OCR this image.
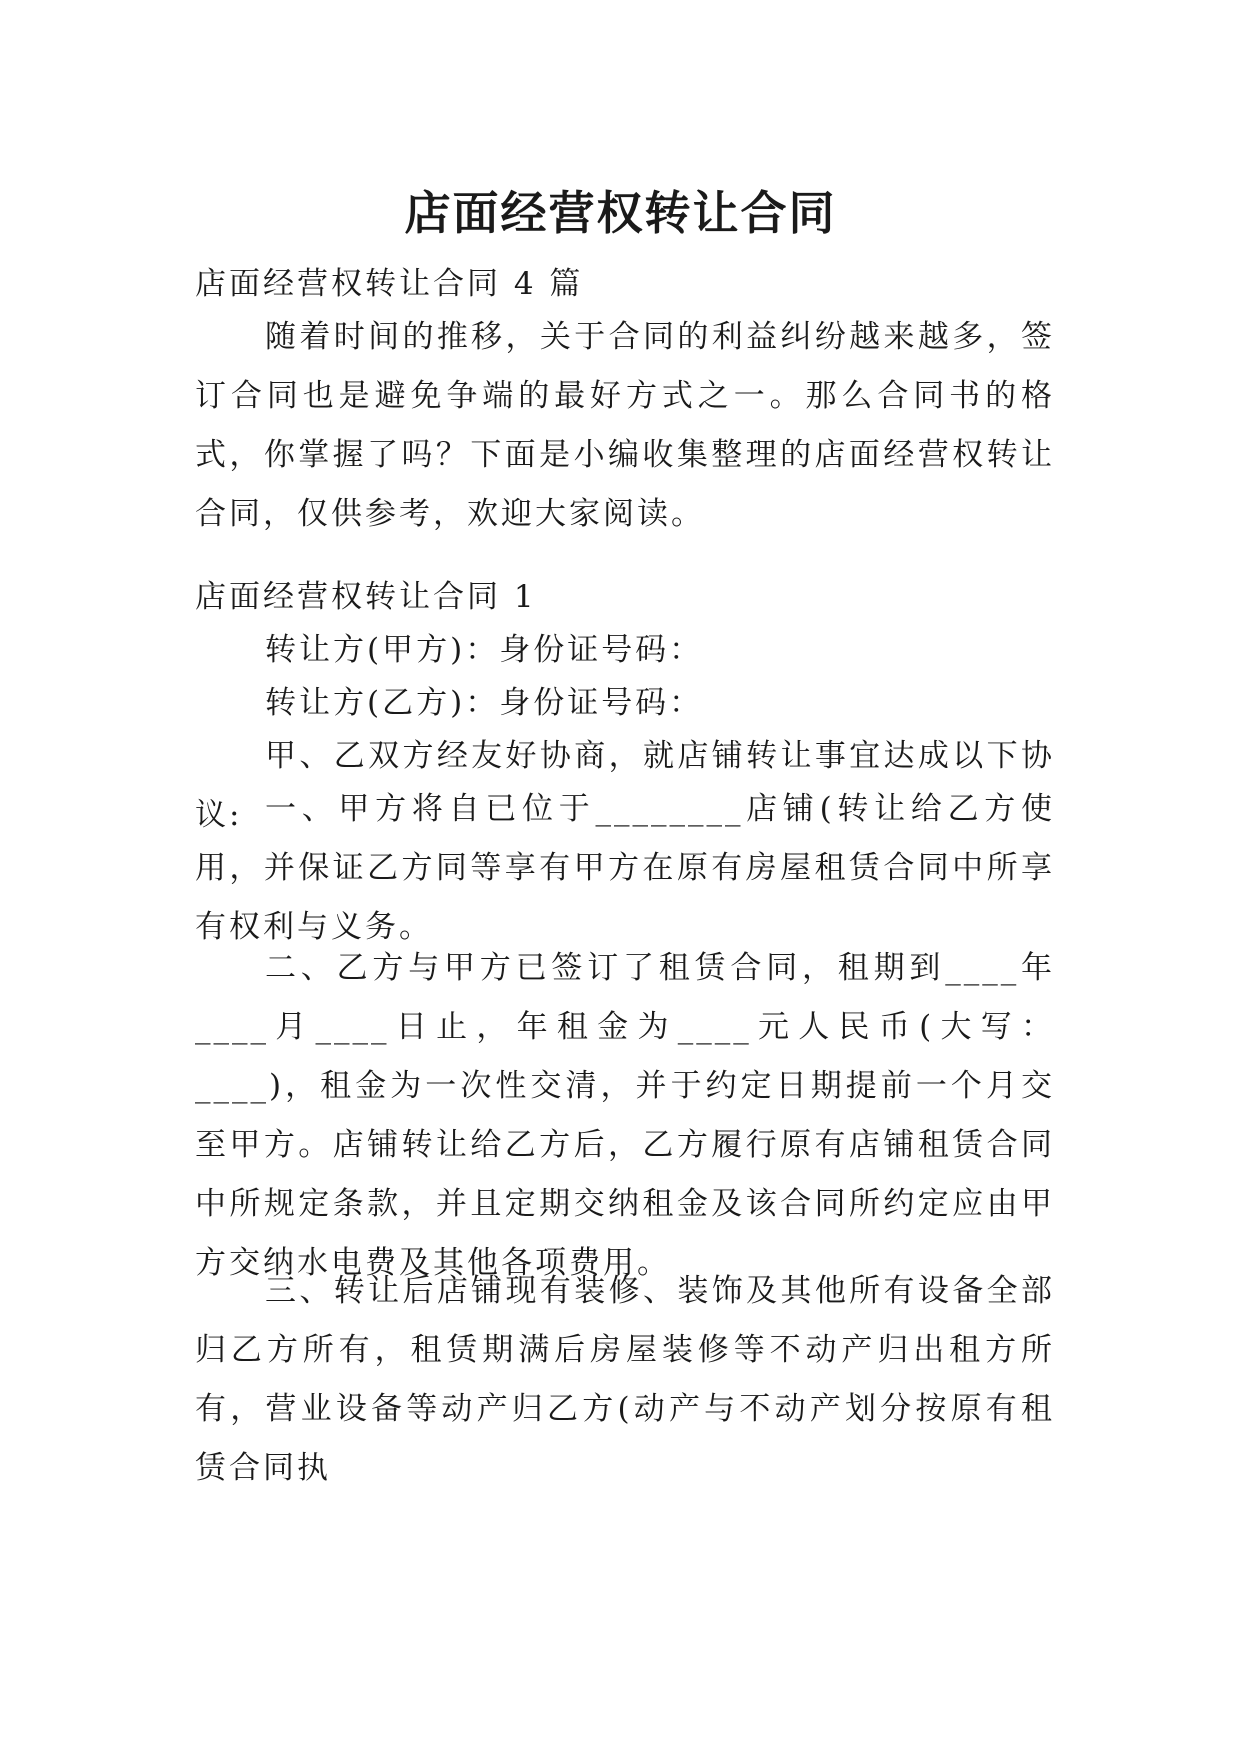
店面经营权转让合同

店面经营权转让合同 4 篇

随着时间的推移，关于合同的利益纠纷越来越多，签订合同也是避免争端的最好方式之一。那么合同书的格式，你掌握了吗？下面是小编收集整理的店面经营权转让合同，仅供参考，欢迎大家阅读。

店面经营权转让合同 1

转让方(甲方)：身份证号码：

转让方(乙方)：身份证号码：

甲、乙双方经友好协商，就店铺转让事宜达成以下协议: 一、甲方将自已位于________店铺(转让给乙方使用，并保证乙方同等享有甲方在原有房屋租赁合同中所享有权利与义务。

二、乙方与甲方已签订了租赁合同，租期到____年____月____日止，年租金为____元人民币(大写：____)，租金为一次性交清，并于约定日期提前一个月交至甲方。店铺转让给乙方后，乙方履行原有店铺租赁合同中所规定条款，并且定期交纳租金及该合同所约定应由甲方交纳水电费及其他各项费用。

三、转让后店铺现有装修、装饰及其他所有设备全部归乙方所有，租赁期满后房屋装修等不动产归出租方所有，营业设备等动产归乙方(动产与不动产划分按原有租赁合同执
